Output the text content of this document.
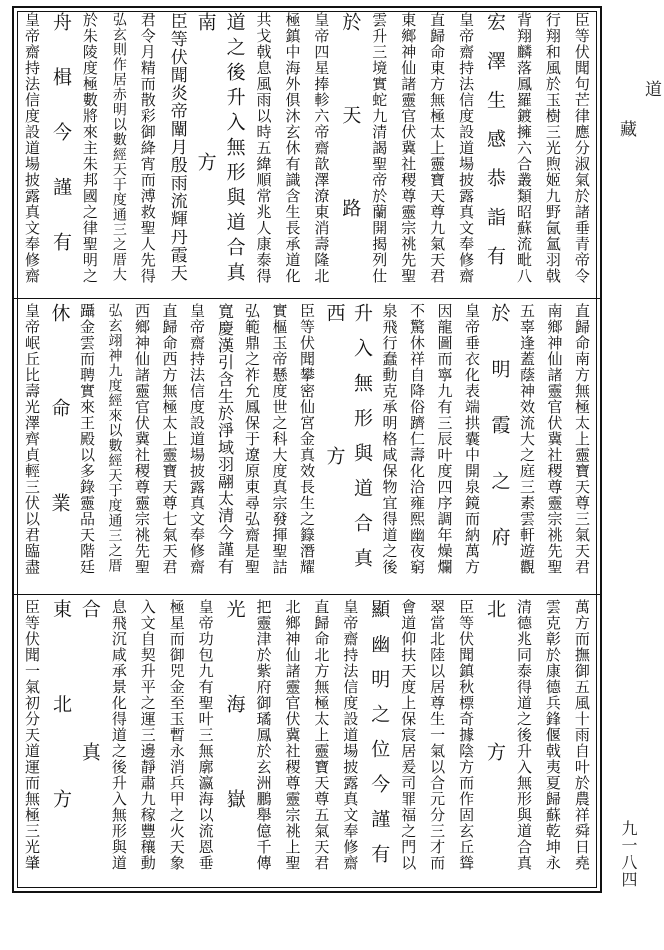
臣等伏聞句芒律應分淑氣於諸垂青帝令
行翔和風於玉樹三光煦姬九野氤氳羽戟
背翔麟落鳳羅鍍擁六合叢類昭蘇流毗八
宏澤生感恭詣有
皇帝齋持法信度設道場披露真文奉修齋
直歸命東方無極太上靈寶天尊九氣天君
東鄉神仙諸靈官伏冀社稷尊靈宗祧先聖
雲升三境實蛇九清謁聖帝於蘭開揭列仕
於天路
皇帝四星捧軫六帝齋歆澤潦東消壽隆北
極鎮中海外俱沐玄休有識含生長承道化
共戈戟息風雨以時五緯順常兆人康泰得
道之後升入無形與道合真
南方
臣等伏聞炎帝闡月殷雨流輝丹霞天
君令月精而散彩御絳宵而溥救聖人先得
弘玄則作居赤明以數經天于度通三之厝大
於朱陵度極數將來主朱邦國之律聖明之
舟楫今謹有
皇帝齋持法信度設道場披露真文奉修齋
直歸命南方無極太上靈寶天尊三氣天君
南鄉神仙諸靈官伏冀社稷尊靈宗祧先聖
五辜逢蓋蔭神效流大之庭三素雲軒遊觀
於明霞之府
皇帝垂衣化表端拱囊中開泉鏡而納萬方
因龍圖而寧九有三辰叶度四序調年燥爛
不驚休祥自降俗躋仁壽化洽雍熙幽夜窮
泉飛行蠢動克承明格咸保物宜得道之後
升入無形與道合真
西方
臣等伏聞攀密仙宮金真效長生之籙潛耀
實樞玉帝懸度世之科大度真宗發揮聖詰
弘範鼎之祚允鳳保于遼原東尋弘齋是聖
寬慶漢引含生於淨域羽翮太清今謹有
皇帝齋持法信度設道場披露真文奉修齋
直歸命西方無極太上靈寶天尊七氣天君
西鄉神仙諸靈官伏冀社稷尊靈宗祧先聖
弘玄翊神九度經來以數經天于度通三之厝
躡金雲而聘實來王殿以多錄靈品天階廷
休命業
皇帝岷丘比壽光澤齊貞輕三伏以君臨盡
萬方而撫御五風十雨自叶於農祥舜日堯
雲克彰於康德兵鋒偃戟夷夏歸蘇乾坤永
清德兆同泰得道之後升入無形與道合真
北方
臣等伏聞鎮秋標奇據陰方而作固玄丘聳
翠當北陸以居尊生一氣以合元分三才而
會道仰扶天度上保宸居爰司罪福之門以
顯幽明之位今謹有
皇帝齋持法信度設道場披露真文奉修齋
直歸命北方無極太上靈寶天尊五氣天君
北鄉神仙諸靈官伏冀社稷尊靈宗祧上聖
把靈津於紫府御璚鳳於玄洲鵬舉億千傳
光海嶽
皇帝功包九有聖叶三無廓瀛海以流恩垂
極星而御兕金至玉暫永消兵甲之火天象
入文自契升平之運三邊靜肅九稼豐穰動
息飛沉咸承景化得道之後升入無形與道
合真
東北方
臣等伏聞一氣初分天道運而無極三光肇
道
藏
九一八四
